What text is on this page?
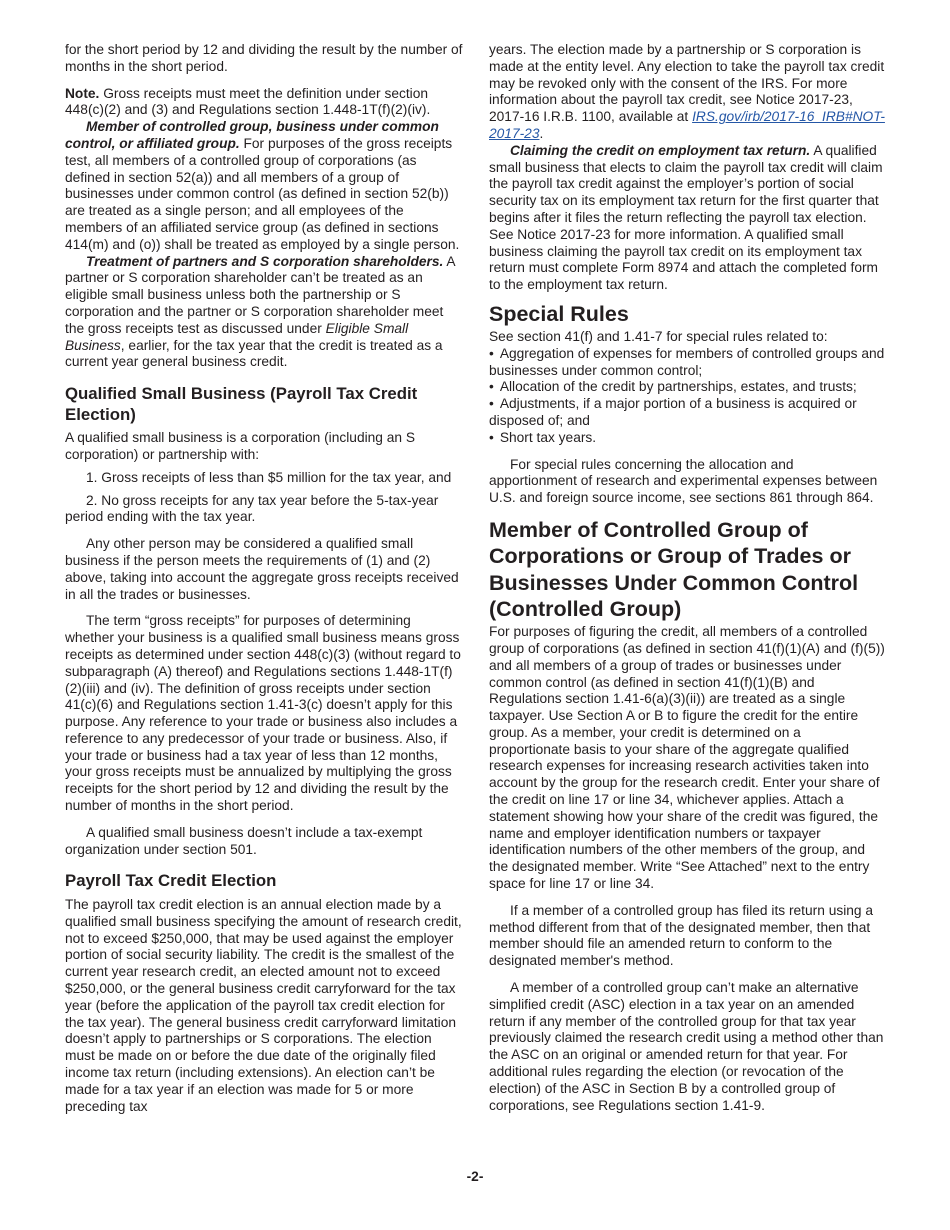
for the short period by 12 and dividing the result by the number of months in the short period.

Note. Gross receipts must meet the definition under section 448(c)(2) and (3) and Regulations section 1.448-1T(f)(2)(iv).

Member of controlled group, business under common control, or affiliated group. For purposes of the gross receipts test, all members of a controlled group of corporations (as defined in section 52(a)) and all members of a group of businesses under common control (as defined in section 52(b)) are treated as a single person; and all employees of the members of an affiliated service group (as defined in sections 414(m) and (o)) shall be treated as employed by a single person.

Treatment of partners and S corporation shareholders. A partner or S corporation shareholder can’t be treated as an eligible small business unless both the partnership or S corporation and the partner or S corporation shareholder meet the gross receipts test as discussed under Eligible Small Business, earlier, for the tax year that the credit is treated as a current year general business credit.

Qualified Small Business (Payroll Tax Credit Election)

A qualified small business is a corporation (including an S corporation) or partnership with:

1. Gross receipts of less than $5 million for the tax year, and

2. No gross receipts for any tax year before the 5-tax-year period ending with the tax year.

Any other person may be considered a qualified small business if the person meets the requirements of (1) and (2) above, taking into account the aggregate gross receipts received in all the trades or businesses.

The term “gross receipts” for purposes of determining whether your business is a qualified small business means gross receipts as determined under section 448(c)(3) (without regard to subparagraph (A) thereof) and Regulations sections 1.448-1T(f)(2)(iii) and (iv). The definition of gross receipts under section 41(c)(6) and Regulations section 1.41-3(c) doesn’t apply for this purpose. Any reference to your trade or business also includes a reference to any predecessor of your trade or business. Also, if your trade or business had a tax year of less than 12 months, your gross receipts must be annualized by multiplying the gross receipts for the short period by 12 and dividing the result by the number of months in the short period.

A qualified small business doesn’t include a tax-exempt organization under section 501.

Payroll Tax Credit Election

The payroll tax credit election is an annual election made by a qualified small business specifying the amount of research credit, not to exceed $250,000, that may be used against the employer portion of social security liability. The credit is the smallest of the current year research credit, an elected amount not to exceed $250,000, or the general business credit carryforward for the tax year (before the application of the payroll tax credit election for the tax year). The general business credit carryforward limitation doesn’t apply to partnerships or S corporations. The election must be made on or before the due date of the originally filed income tax return (including extensions). An election can’t be made for a tax year if an election was made for 5 or more preceding tax

years. The election made by a partnership or S corporation is made at the entity level. Any election to take the payroll tax credit may be revoked only with the consent of the IRS. For more information about the payroll tax credit, see Notice 2017-23, 2017-16 I.R.B. 1100, available at IRS.gov/irb/2017-16_IRB#NOT-2017-23.

Claiming the credit on employment tax return. A qualified small business that elects to claim the payroll tax credit will claim the payroll tax credit against the employer’s portion of social security tax on its employment tax return for the first quarter that begins after it files the return reflecting the payroll tax election. See Notice 2017-23 for more information. A qualified small business claiming the payroll tax credit on its employment tax return must complete Form 8974 and attach the completed form to the employment tax return.

Special Rules

See section 41(f) and 1.41-7 for special rules related to:

• Aggregation of expenses for members of controlled groups and businesses under common control;
• Allocation of the credit by partnerships, estates, and trusts;
• Adjustments, if a major portion of a business is acquired or disposed of; and
• Short tax years.

For special rules concerning the allocation and apportionment of research and experimental expenses between U.S. and foreign source income, see sections 861 through 864.

Member of Controlled Group of Corporations or Group of Trades or Businesses Under Common Control (Controlled Group)

For purposes of figuring the credit, all members of a controlled group of corporations (as defined in section 41(f)(1)(A) and (f)(5)) and all members of a group of trades or businesses under common control (as defined in section 41(f)(1)(B) and Regulations section 1.41-6(a)(3)(ii)) are treated as a single taxpayer. Use Section A or B to figure the credit for the entire group. As a member, your credit is determined on a proportionate basis to your share of the aggregate qualified research expenses for increasing research activities taken into account by the group for the research credit. Enter your share of the credit on line 17 or line 34, whichever applies. Attach a statement showing how your share of the credit was figured, the name and employer identification numbers or taxpayer identification numbers of the other members of the group, and the designated member. Write “See Attached” next to the entry space for line 17 or line 34.

If a member of a controlled group has filed its return using a method different from that of the designated member, then that member should file an amended return to conform to the designated member's method.

A member of a controlled group can’t make an alternative simplified credit (ASC) election in a tax year on an amended return if any member of the controlled group for that tax year previously claimed the research credit using a method other than the ASC on an original or amended return for that year. For additional rules regarding the election (or revocation of the election) of the ASC in Section B by a controlled group of corporations, see Regulations section 1.41-9.

-2-
